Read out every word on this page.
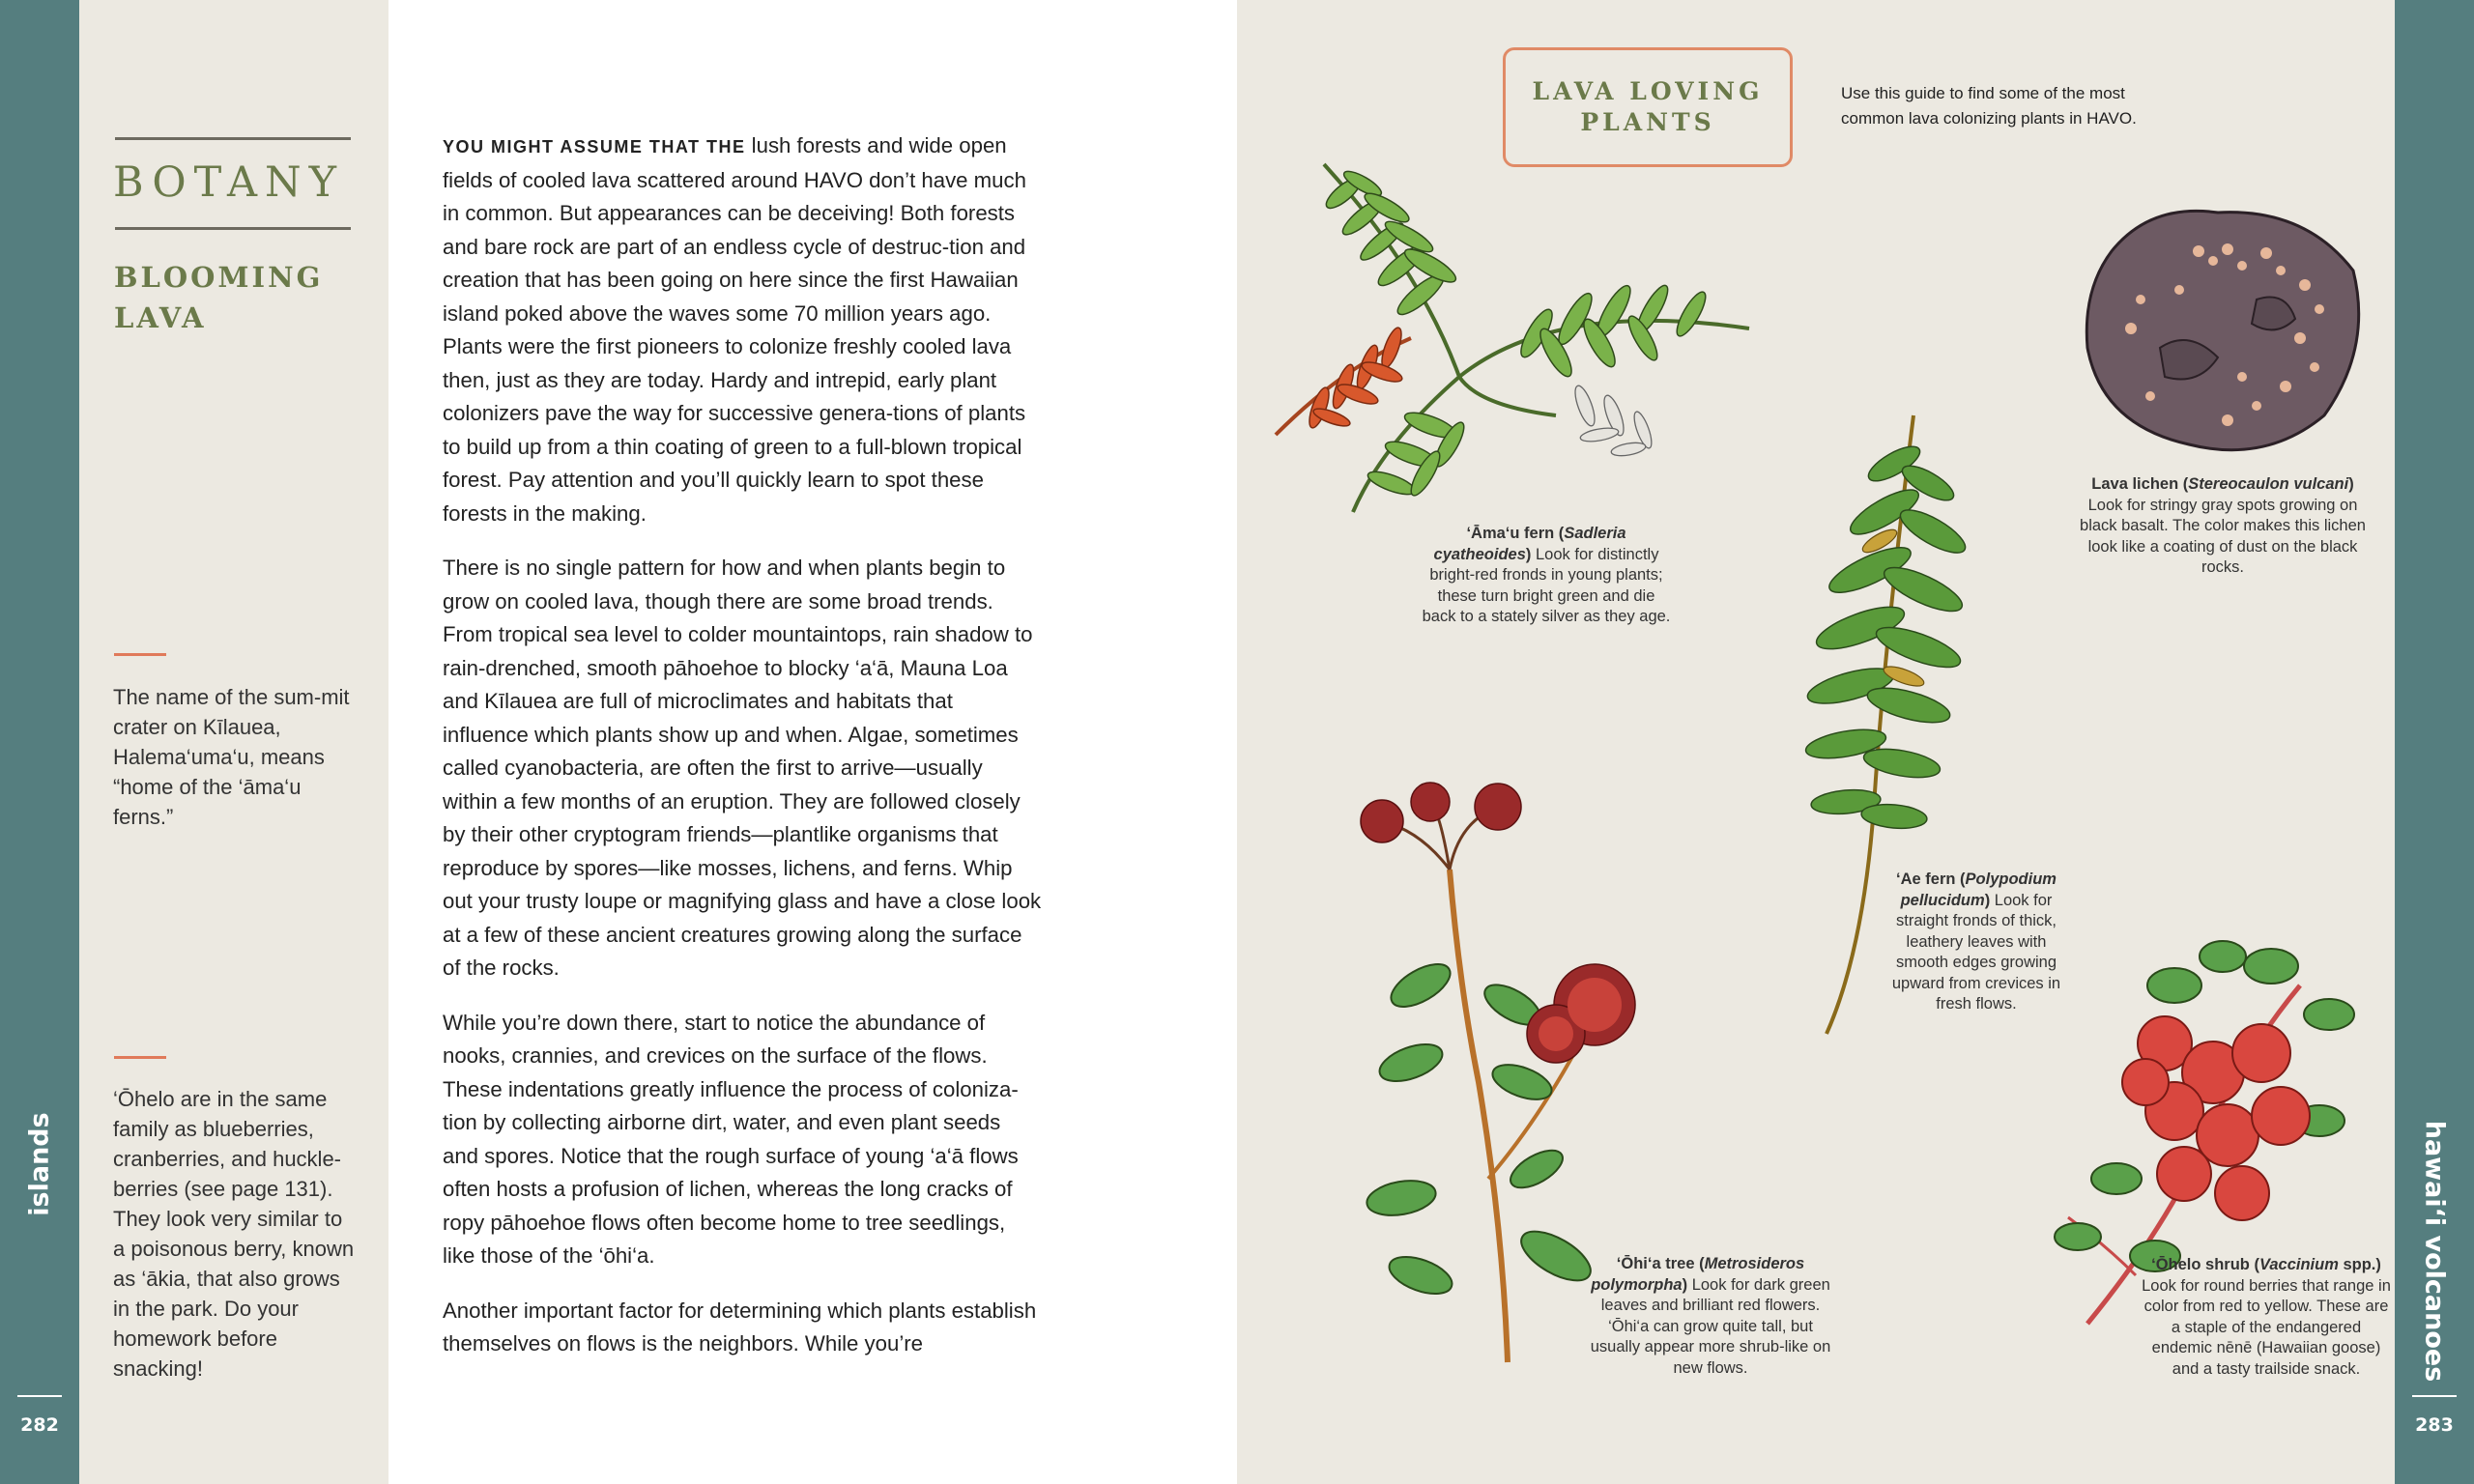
islands
282
BOTANY
BLOOMING LAVA
The name of the sum-mit crater on Kīlauea, Halema‘uma‘u, means “home of the ‘āma‘u ferns.”
‘Ōhelo are in the same family as blueberries, cranberries, and huckle-berries (see page 131). They look very similar to a poisonous berry, known as ‘ākia, that also grows in the park. Do your homework before snacking!

YOU MIGHT ASSUME THAT THE lush forests and wide open fields of cooled lava scattered around HAVO don’t have much in common. But appearances can be deceiving! Both forests and bare rock are part of an endless cycle of destruc-tion and creation that has been going on here since the first Hawaiian island poked above the waves some 70 million years ago. Plants were the first pioneers to colonize freshly cooled lava then, just as they are today. Hardy and intrepid, early plant colonizers pave the way for successive genera-tions of plants to build up from a thin coating of green to a full-blown tropical forest. Pay attention and you’ll quickly learn to spot these forests in the making.

There is no single pattern for how and when plants begin to grow on cooled lava, though there are some broad trends. From tropical sea level to colder mountaintops, rain shadow to rain-drenched, smooth pāhoehoe to blocky ‘a‘ā, Mauna Loa and Kīlauea are full of microclimates and habitats that influence which plants show up and when. Algae, sometimes called cyanobacteria, are often the first to arrive—usually within a few months of an eruption. They are followed closely by their other cryptogram friends—plantlike organisms that reproduce by spores—like mosses, lichens, and ferns. Whip out your trusty loupe or magnifying glass and have a close look at a few of these ancient creatures growing along the surface of the rocks.

While you’re down there, start to notice the abundance of nooks, crannies, and crevices on the surface of the flows. These indentations greatly influence the process of coloniza-tion by collecting airborne dirt, water, and even plant seeds and spores. Notice that the rough surface of young ‘a‘ā flows often hosts a profusion of lichen, whereas the long cracks of ropy pāhoehoe flows often become home to tree seedlings, like those of the ‘ōhi‘a.

Another important factor for determining which plants establish themselves on flows is the neighbors. While you’re

LAVA LOVING PLANTS
Use this guide to find some of the most common lava colonizing plants in HAVO.
‘Āma‘u fern (Sadleria cyatheoides) Look for distinctly bright-red fronds in young plants; these turn bright green and die back to a stately silver as they age.
Lava lichen (Stereocaulon vulcani) Look for stringy gray spots growing on black basalt. The color makes this lichen look like a coating of dust on the black rocks.
‘Ae fern (Polypodium pellucidum) Look for straight fronds of thick, leathery leaves with smooth edges growing upward from crevices in fresh flows.
‘Ōhi‘a tree (Metrosideros polymorpha) Look for dark green leaves and brilliant red flowers. ‘Ōhi‘a can grow quite tall, but usually appear more shrub-like on new flows.
‘Ōhelo shrub (Vaccinium spp.) Look for round berries that range in color from red to yellow. These are a staple of the endangered endemic nēnē (Hawaiian goose) and a tasty trailside snack.	hawai‘i volcanoes
283
